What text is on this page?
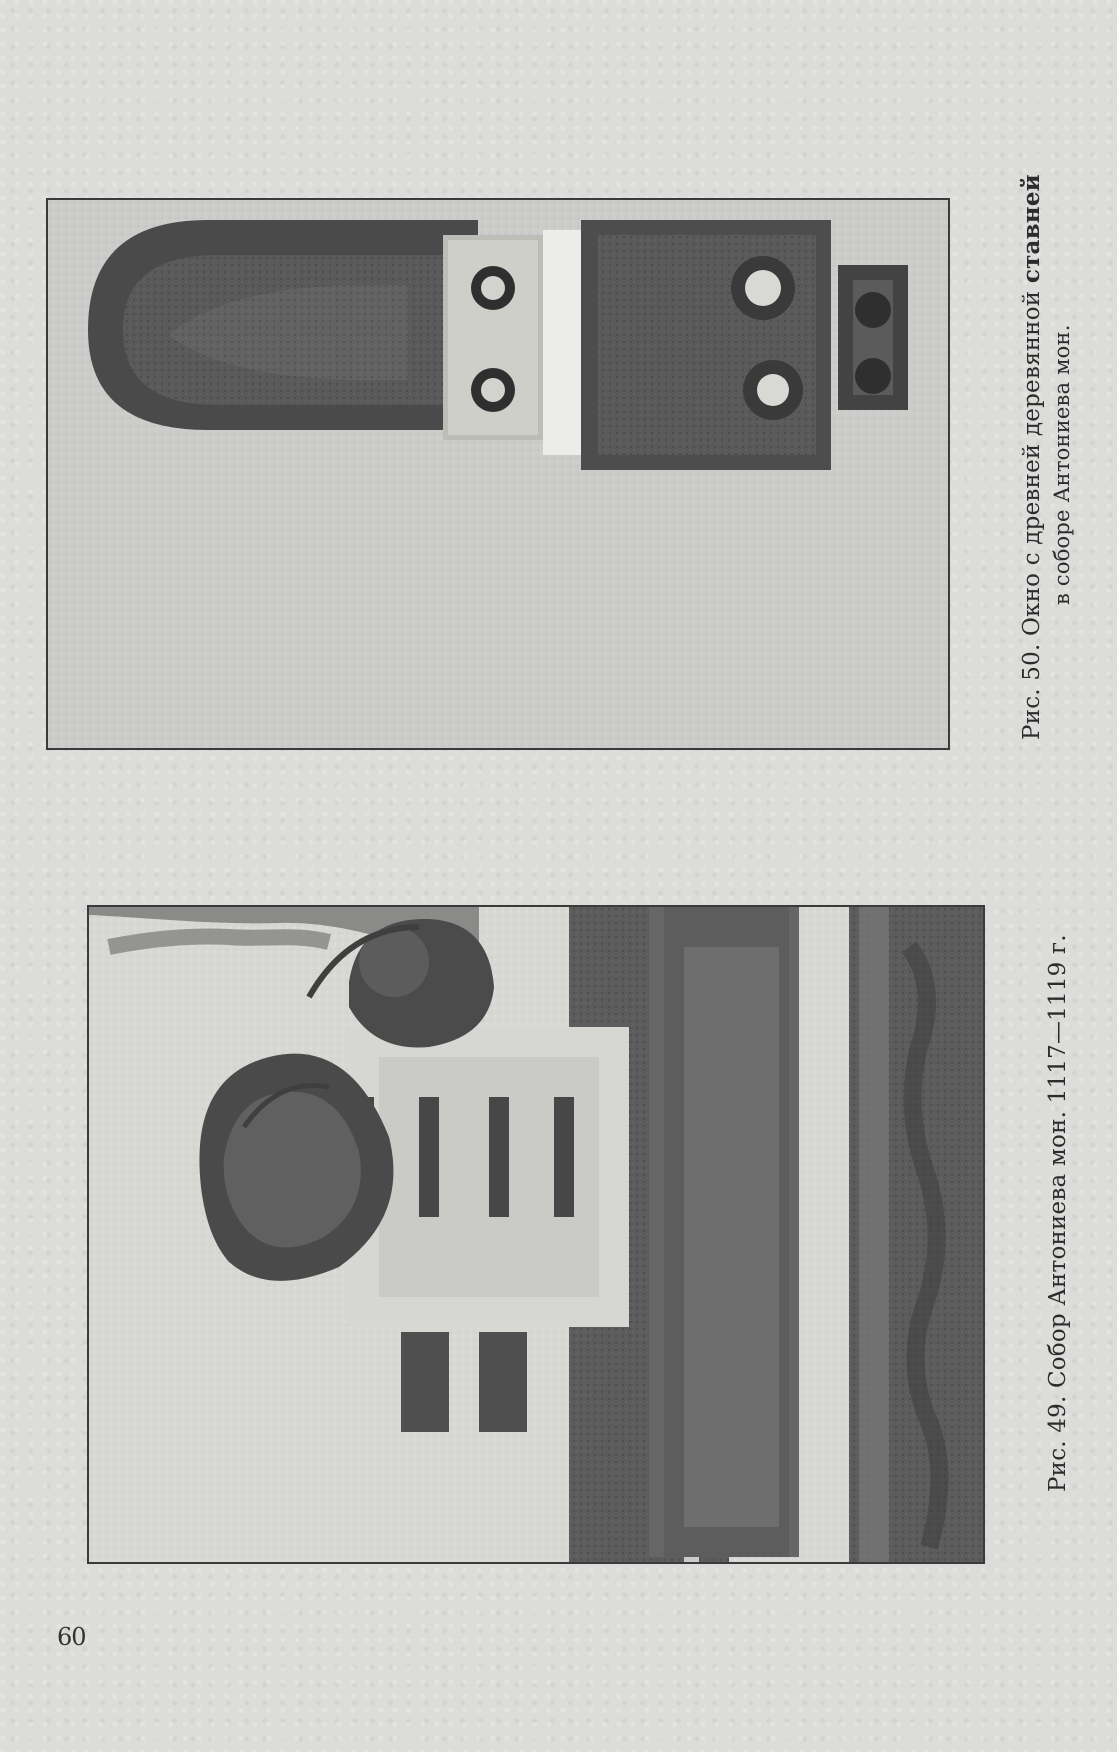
Рис. 50. Окно с древней деревянной ставней
в соборе Антониева мон.
Рис. 49. Собор Антониева мон. 1117—1119 г.
60
